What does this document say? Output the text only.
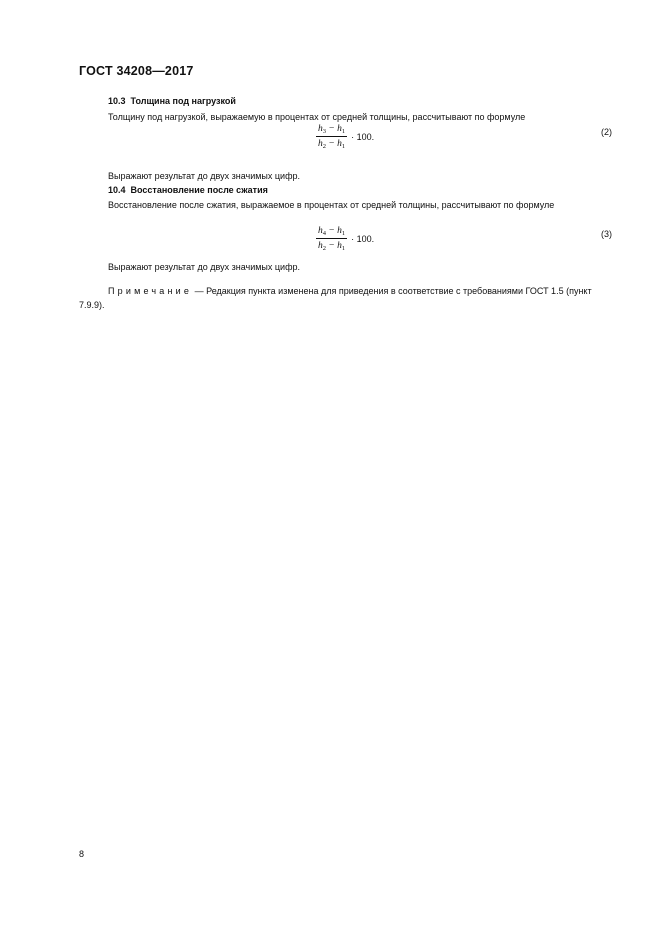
ГОСТ 34208—2017
10.3 Толщина под нагрузкой
Толщину под нагрузкой, выражаемую в процентах от средней толщины, рассчитывают по формуле
$\frac{h_3 - h_1}{h_2 - h_1} \cdot 100$.	(2)
Выражают результат до двух значимых цифр.
10.4 Восстановление после сжатия
Восстановление после сжатия, выражаемое в процентах от средней толщины, рассчитывают по формуле
$\frac{h_4 - h_1}{h_2 - h_1} \cdot 100$.	(3)
Выражают результат до двух значимых цифр.
Примечание — Редакция пункта изменена для приведения в соответствие с требованиями ГОСТ 1.5 (пункт 7.9.9).
8
